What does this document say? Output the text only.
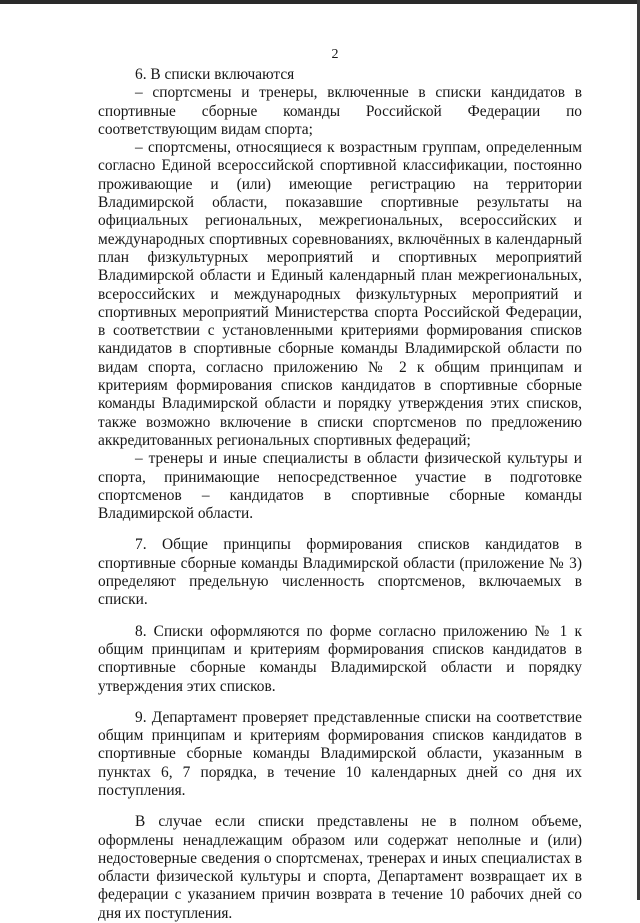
2

6. В списки включаются

– спортсмены и тренеры, включенные в списки кандидатов в спортивные сборные команды Российской Федерации по соответствующим видам спорта;

– спортсмены, относящиеся к возрастным группам, определенным согласно Единой всероссийской спортивной классификации, постоянно проживающие и (или) имеющие регистрацию на территории Владимирской области, показавшие спортивные результаты на официальных региональных, межрегиональных, всероссийских и международных спортивных соревнованиях, включённых в календарный план физкультурных мероприятий и спортивных мероприятий Владимирской области и Единый календарный план межрегиональных, всероссийских и международных физкультурных мероприятий и спортивных мероприятий Министерства спорта Российской Федерации, в соответствии с установленными критериями формирования списков кандидатов в спортивные сборные команды Владимирской области по видам спорта, согласно приложению № 2 к общим принципам и критериям формирования списков кандидатов в спортивные сборные команды Владимирской области и порядку утверждения этих списков, также возможно включение в списки спортсменов по предложению аккредитованных региональных спортивных федераций;

– тренеры и иные специалисты в области физической культуры и спорта, принимающие непосредственное участие в подготовке спортсменов – кандидатов в спортивные сборные команды Владимирской области.

7. Общие принципы формирования списков кандидатов в спортивные сборные команды Владимирской области (приложение № 3) определяют предельную численность спортсменов, включаемых в списки.

8. Списки оформляются по форме согласно приложению № 1 к общим принципам и критериям формирования списков кандидатов в спортивные сборные команды Владимирской области и порядку утверждения этих списков.

9. Департамент проверяет представленные списки на соответствие общим принципам и критериям формирования списков кандидатов в спортивные сборные команды Владимирской области, указанным в пунктах 6, 7 порядка, в течение 10 календарных дней со дня их поступления.

В случае если списки представлены не в полном объеме, оформлены ненадлежащим образом или содержат неполные и (или) недостоверные сведения о спортсменах, тренерах и иных специалистах в области физической культуры и спорта, Департамент возвращает их в федерации с указанием причин возврата в течение 10 рабочих дней со дня их поступления.
